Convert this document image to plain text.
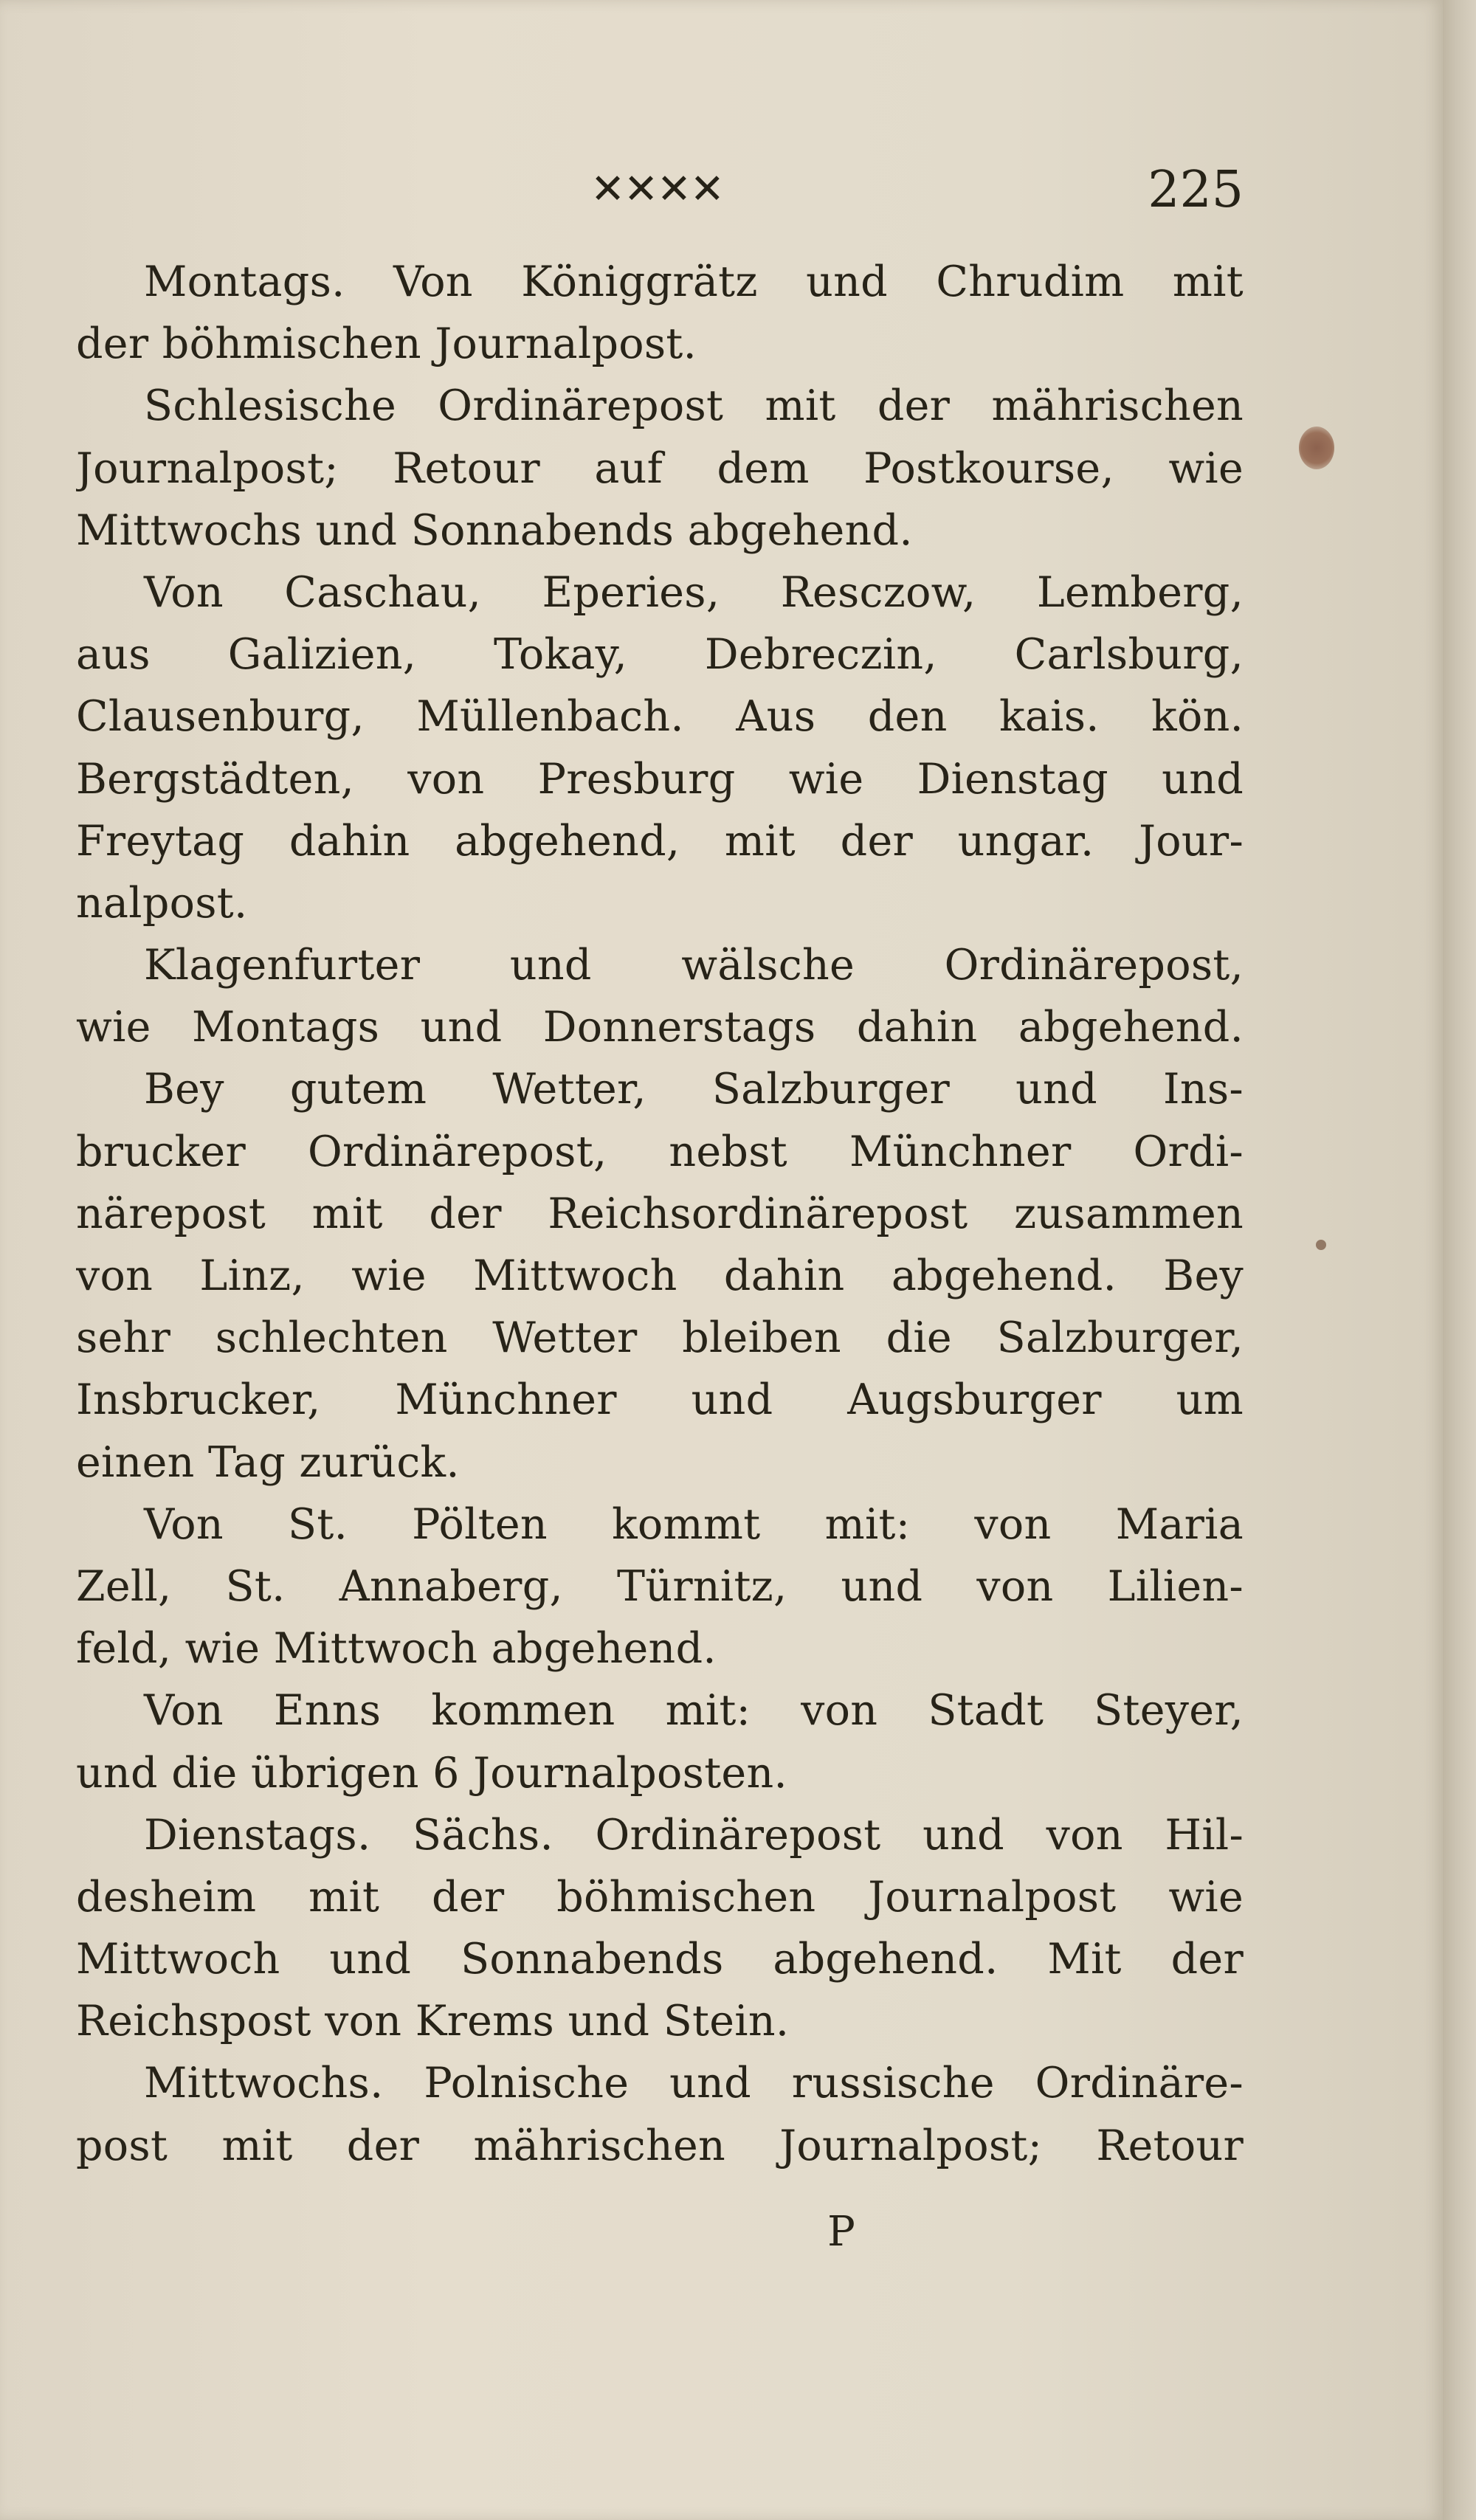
✕✕✕✕	225
Montags. Von Königgrätz und Chrudim mit
der böhmischen Journalpost.
Schlesische Ordinärepost mit der mährischen
Journalpost; Retour auf dem Postkourse, wie
Mittwochs und Sonnabends abgehend.
Von Caschau, Eperies, Resczow, Lemberg,
aus Galizien, Tokay, Debreczin, Carlsburg,
Clausenburg, Müllenbach. Aus den kais. kön.
Bergstädten, von Presburg wie Dienstag und
Freytag dahin abgehend, mit der ungar. Jour-
nalpost.
Klagenfurter und wälsche Ordinärepost,
wie Montags und Donnerstags dahin abgehend.
Bey gutem Wetter, Salzburger und Ins-
brucker Ordinärepost, nebst Münchner Ordi-
närepost mit der Reichsordinärepost zusammen
von Linz, wie Mittwoch dahin abgehend. Bey
sehr schlechten Wetter bleiben die Salzburger,
Insbrucker, Münchner und Augsburger um
einen Tag zurück.
Von St. Pölten kommt mit: von Maria
Zell, St. Annaberg, Türnitz, und von Lilien-
feld, wie Mittwoch abgehend.
Von Enns kommen mit: von Stadt Steyer,
und die übrigen 6 Journalposten.
Dienstags. Sächs. Ordinärepost und von Hil-
desheim mit der böhmischen Journalpost wie
Mittwoch und Sonnabends abgehend. Mit der
Reichspost von Krems und Stein.
Mittwochs. Polnische und russische Ordinäre-
post mit der mährischen Journalpost; Retour
P
